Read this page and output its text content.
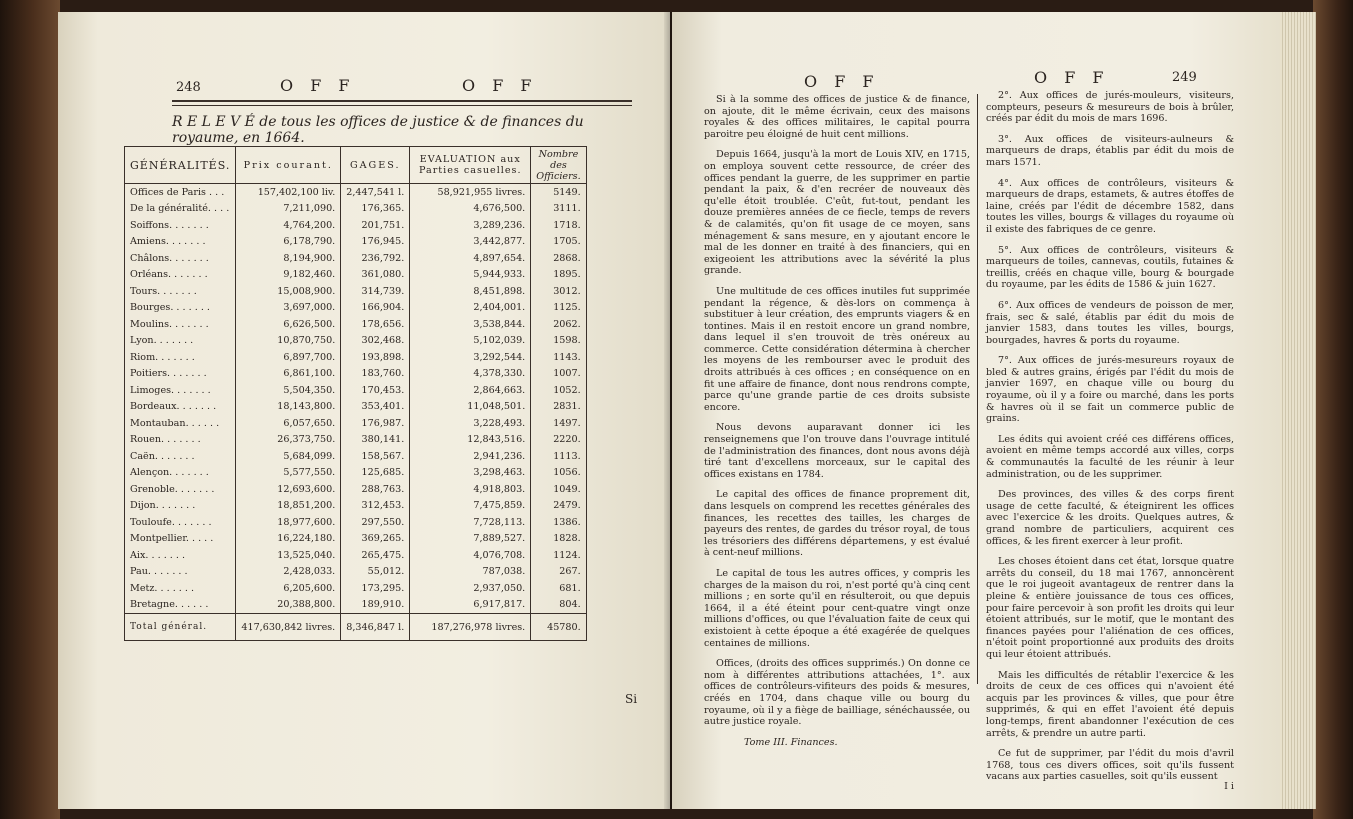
248	O F F	O F F
R E L E V É de tous les offices de justice & de finances du royaume, en 1664.
GÉNÉRALITÉS.	Prix courant.	GAGES.	EVALUATION aux Parties casuelles.	Nombre des Officiers.
Offices de Paris . . .	157,402,100 liv.	2,447,541 l.	58,921,955 livres.	5149.
De la généralité. . . .	7,211,090.	176,365.	4,676,500.	3111.
Soiffons. . . . . . .	4,764,200.	201,751.	3,289,236.	1718.
Amiens. . . . . . .	6,178,790.	176,945.	3,442,877.	1705.
Châlons. . . . . . .	8,194,900.	236,792.	4,897,654.	2868.
Orléans. . . . . . .	9,182,460.	361,080.	5,944,933.	1895.
Tours. . . . . . .	15,008,900.	314,739.	8,451,898.	3012.
Bourges. . . . . . .	3,697,000.	166,904.	2,404,001.	1125.
Moulins. . . . . . .	6,626,500.	178,656.	3,538,844.	2062.
Lyon. . . . . . .	10,870,750.	302,468.	5,102,039.	1598.
Riom. . . . . . .	6,897,700.	193,898.	3,292,544.	1143.
Poitiers. . . . . . .	6,861,100.	183,760.	4,378,330.	1007.
Limoges. . . . . . .	5,504,350.	170,453.	2,864,663.	1052.
Bordeaux. . . . . . .	18,143,800.	353,401.	11,048,501.	2831.
Montauban. . . . . .	6,057,650.	176,987.	3,228,493.	1497.
Rouen. . . . . . .	26,373,750.	380,141.	12,843,516.	2220.
Caën. . . . . . .	5,684,099.	158,567.	2,941,236.	1113.
Alençon. . . . . . .	5,577,550.	125,685.	3,298,463.	1056.
Grenoble. . . . . . .	12,693,600.	288,763.	4,918,803.	1049.
Dijon. . . . . . .	18,851,200.	312,453.	7,475,859.	2479.
Touloufe. . . . . . .	18,977,600.	297,550.	7,728,113.	1386.
Montpellier. . . . .	16,224,180.	369,265.	7,889,527.	1828.
Aix. . . . . . .	13,525,040.	265,475.	4,076,708.	1124.
Pau. . . . . . .	2,428,033.	55,012.	787,038.	267.
Metz. . . . . . .	6,205,600.	173,295.	2,937,050.	681.
Bretagne. . . . . .	20,388,800.	189,910.	6,917,817.	804.
Total général.	417,630,842 livres.	8,346,847 l.	187,276,978 livres.	45780.
Si
O F F	O F F	249

Si à la somme des offices de justice & de finance, on ajoute, dit le même écrivain, ceux des maisons royales & des offices militaires, le capital pourra paroitre peu éloigné de huit cent millions.

Depuis 1664, jusqu'à la mort de Louis XIV, en 1715, on employa souvent cette ressource, de créer des offices pendant la guerre, de les supprimer en partie pendant la paix, & d'en recréer de nouveaux dès qu'elle étoit troublée. C'eût, fut-tout, pendant les douze premières années de ce fiecle, temps de revers & de calamités, qu'on fit usage de ce moyen, sans ménagement & sans mesure, en y ajoutant encore le mal de les donner en traité à des financiers, qui en exigeoient les attributions avec la sévérité la plus grande.

Une multitude de ces offices inutiles fut supprimée pendant la régence, & dès-lors on commença à substituer à leur création, des emprunts viagers & en tontines. Mais il en restoit encore un grand nombre, dans lequel il s'en trouvoit de très onéreux au commerce. Cette considération détermina à chercher les moyens de les rembourser avec le produit des droits attribués à ces offices ; en conséquence on en fit une affaire de finance, dont nous rendrons compte, parce qu'une grande partie de ces droits subsiste encore.

Nous devons auparavant donner ici les renseignemens que l'on trouve dans l'ouvrage intitulé de l'administration des finances, dont nous avons déjà tiré tant d'excellens morceaux, sur le capital des offices existans en 1784.

Le capital des offices de finance proprement dit, dans lesquels on comprend les recettes générales des finances, les recettes des tailles, les charges de payeurs des rentes, de gardes du trésor royal, de tous les trésoriers des différens départemens, y est évalué à cent-neuf millions.

Le capital de tous les autres offices, y compris les charges de la maison du roi, n'est porté qu'à cinq cent millions ; en sorte qu'il en résulteroit, ou que depuis 1664, il a été éteint pour cent-quatre vingt onze millions d'offices, ou que l'évaluation faite de ceux qui existoient à cette époque a été exagérée de quelques centaines de millions.

Offices, (droits des offices supprimés.) On donne ce nom à différentes attributions attachées, 1°. aux offices de contrôleurs-vifiteurs des poids & mesures, créés en 1704, dans chaque ville ou bourg du royaume, où il y a fiège de bailliage, sénéchaussée, ou autre justice royale.

Tome III. Finances.

2°. Aux offices de jurés-mouleurs, visiteurs, compteurs, peseurs & mesureurs de bois à brûler, créés par édit du mois de mars 1696.

3°. Aux offices de visiteurs-aulneurs & marqueurs de draps, établis par édit du mois de mars 1571.

4°. Aux offices de contrôleurs, visiteurs & marqueurs de draps, estamets, & autres étoffes de laine, créés par l'édit de décembre 1582, dans toutes les villes, bourgs & villages du royaume où il existe des fabriques de ce genre.

5°. Aux offices de contrôleurs, visiteurs & marqueurs de toiles, cannevas, coutils, futaines & treillis, créés en chaque ville, bourg & bourgade du royaume, par les édits de 1586 & juin 1627.

6°. Aux offices de vendeurs de poisson de mer, frais, sec & salé, établis par édit du mois de janvier 1583, dans toutes les villes, bourgs, bourgades, havres & ports du royaume.

7°. Aux offices de jurés-mesureurs royaux de bled & autres grains, érigés par l'édit du mois de janvier 1697, en chaque ville ou bourg du royaume, où il y a foire ou marché, dans les ports & havres où il se fait un commerce public de grains.

Les édits qui avoient créé ces différens offices, avoient en même temps accordé aux villes, corps & communautés la faculté de les réunir à leur administration, ou de les supprimer.

Des provinces, des villes & des corps firent usage de cette faculté, & éteignirent les offices avec l'exercice & les droits. Quelques autres, & grand nombre de particuliers, acquirent ces offices, & les firent exercer à leur profit.

Les choses étoient dans cet état, lorsque quatre arrêts du conseil, du 18 mai 1767, annoncèrent que le roi jugeoit avantageux de rentrer dans la pleine & entière jouissance de tous ces offices, pour faire percevoir à son profit les droits qui leur étoient attribués, sur le motif, que le montant des finances payées pour l'aliénation de ces offices, n'étoit point proportionné aux produits des droits qui leur étoient attribués.

Mais les difficultés de rétablir l'exercice & les droits de ceux de ces offices qui n'avoient été acquis par les provinces & villes, que pour être supprimés, & qui en effet l'avoient été depuis long-temps, firent abandonner l'exécution de ces arrêts, & prendre un autre parti.

Ce fut de supprimer, par l'édit du mois d'avril 1768, tous ces divers offices, soit qu'ils fussent vacans aux parties casuelles, soit qu'ils eussent

I i
